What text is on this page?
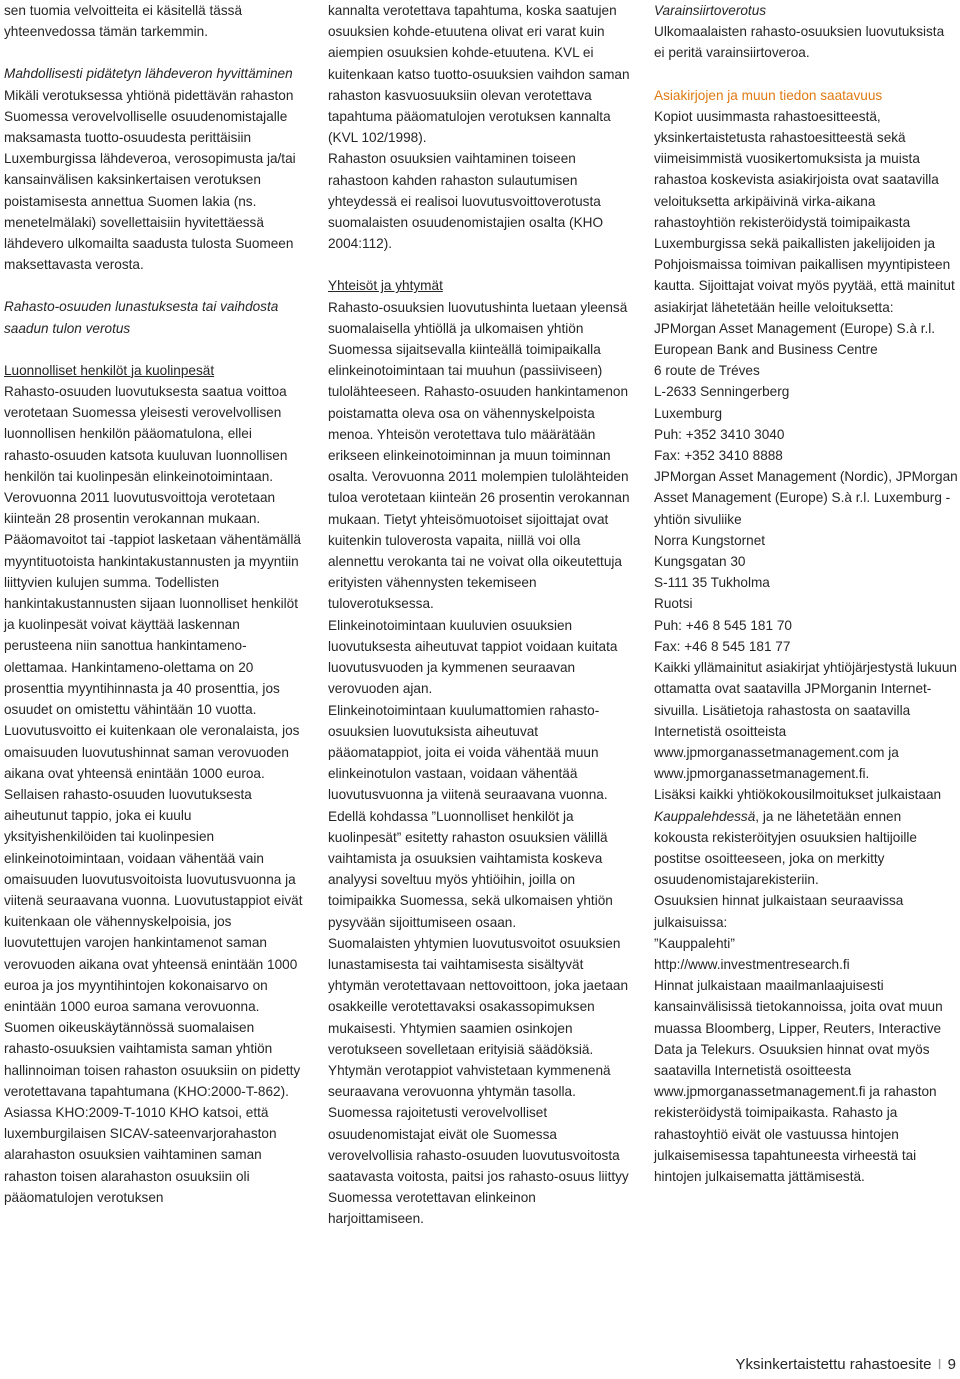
sen tuomia velvoitteita ei käsitellä tässä yhteenvedossa tämän tarkemmin.

Mahdollisesti pidätetyn lähdeveron hyvittäminen

Mikäli verotuksessa yhtiönä pidettävän rahaston Suomessa verovelvolliselle osuudenomistajalle maksamasta tuotto-osuudesta perittäisiin Luxemburgissa lähdeveroa, verosopimusta ja/tai kansainvälisen kaksinkertaisen verotuksen poistamisesta annettua Suomen lakia (ns. menetelmälaki) sovellettaisiin hyvitettäessä lähdevero ulkomailta saadusta tulosta Suomeen maksettavasta verosta.

Rahasto-osuuden lunastuksesta tai vaihdosta saadun tulon verotus

Luonnolliset henkilöt ja kuolinpesät

Rahasto-osuuden luovutuksesta saatua voittoa verotetaan Suomessa yleisesti verovelvollisen luonnollisen henkilön pääomatulona, ellei rahasto-osuuden katsota kuuluvan luonnollisen henkilön tai kuolinpesän elinkeinotoimintaan. Verovuonna 2011 luovutusvoittoja verotetaan kiinteän 28 prosentin verokannan mukaan.

Pääomavoitot tai -tappiot lasketaan vähentämällä myyntituotoista hankintakustannusten ja myyntiin liittyvien kulujen summa. Todellisten hankintakustannusten sijaan luonnolliset henkilöt ja kuolinpesät voivat käyttää laskennan perusteena niin sanottua hankintameno-olettamaa. Hankintameno-olettama on 20 prosenttia myyntihinnasta ja 40 prosenttia, jos osuudet on omistettu vähintään 10 vuotta.

Luovutusvoitto ei kuitenkaan ole veronalaista, jos omaisuuden luovutushinnat saman verovuoden aikana ovat yhteensä enintään 1000 euroa.

Sellaisen rahasto-osuuden luovutuksesta aiheutunut tappio, joka ei kuulu yksityishenkilöiden tai kuolinpesien elinkeinotoimintaan, voidaan vähentää vain omaisuuden luovutusvoitoista luovutusvuonna ja viitenä seuraavana vuonna. Luovutustappiot eivät kuitenkaan ole vähennyskelpoisia, jos luovutettujen varojen hankintamenot saman verovuoden aikana ovat yhteensä enintään 1000 euroa ja jos myyntihintojen kokonaisarvo on enintään 1000 euroa samana verovuonna.

Suomen oikeuskäytännössä suomalaisen rahasto-osuuksien vaihtamista saman yhtiön hallinnoiman toisen rahaston osuuksiin on pidetty verotettavana tapahtumana (KHO:2000-T-862). Asiassa KHO:2009-T-1010 KHO katsoi, että luxemburgilaisen SICAV-sateenvarjorahaston alarahaston osuuksien vaihtaminen saman rahaston toisen alarahaston osuuksiin oli pääomatulojen verotuksen

kannalta verotettava tapahtuma, koska saatujen osuuksien kohde-etuutena olivat eri varat kuin aiempien osuuksien kohde-etuutena. KVL ei kuitenkaan katso tuotto-osuuksien vaihdon saman rahaston kasvuosuuksiin olevan verotettava tapahtuma pääomatulojen verotuksen kannalta (KVL 102/1998).

Rahaston osuuksien vaihtaminen toiseen rahastoon kahden rahaston sulautumisen yhteydessä ei realisoi luovutusvoittoverotusta suomalaisten osuudenomistajien osalta (KHO 2004:112).

Yhteisöt ja yhtymät

Rahasto-osuuksien luovutushinta luetaan yleensä suomalaisella yhtiöllä ja ulkomaisen yhtiön Suomessa sijaitsevalla kiinteällä toimipaikalla elinkeinotoimintaan tai muuhun (passiiviseen) tulolähteeseen. Rahasto-osuuden hankintamenon poistamatta oleva osa on vähennyskelpoista menoa. Yhteisön verotettava tulo määrätään erikseen elinkeinotoiminnan ja muun toiminnan osalta. Verovuonna 2011 molempien tulolähteiden tuloa verotetaan kiinteän 26 prosentin verokannan mukaan. Tietyt yhteisömuotoiset sijoittajat ovat kuitenkin tuloverosta vapaita, niillä voi olla alennettu verokanta tai ne voivat olla oikeutettuja erityisten vähennysten tekemiseen tuloverotuksessa.

Elinkeinotoimintaan kuuluvien osuuksien luovutuksesta aiheutuvat tappiot voidaan kuitata luovutusvuoden ja kymmenen seuraavan verovuoden ajan.

Elinkeinotoimintaan kuulumattomien rahasto-osuuksien luovutuksista aiheutuvat pääomatappiot, joita ei voida vähentää muun elinkeinotulon vastaan, voidaan vähentää luovutusvuonna ja viitenä seuraavana vuonna.

Edellä kohdassa ”Luonnolliset henkilöt ja kuolinpesät” esitetty rahaston osuuksien välillä vaihtamista ja osuuksien vaihtamista koskeva analyysi soveltuu myös yhtiöihin, joilla on toimipaikka Suomessa, sekä ulkomaisen yhtiön pysyvään sijoittumiseen osaan.

Suomalaisten yhtymien luovutusvoitot osuuksien lunastamisesta tai vaihtamisesta sisältyvät yhtymän verotettavaan nettovoittoon, joka jaetaan osakkeille verotettavaksi osakassopimuksen mukaisesti. Yhtymien saamien osinkojen verotukseen sovelletaan erityisiä säädöksiä. Yhtymän verotappiot vahvistetaan kymmenenä seuraavana verovuonna yhtymän tasolla.

Suomessa rajoitetusti verovelvolliset osuudenomistajat eivät ole Suomessa verovelvollisia rahasto-osuuden luovutusvoitosta saatavasta voitosta, paitsi jos rahasto-osuus liittyy Suomessa verotettavan elinkeinon harjoittamiseen.

Varainsiirtoverotus

Ulkomaalaisten rahasto-osuuksien luovutuksista ei peritä varainsiirtoveroa.

Asiakirjojen ja muun tiedon saatavuus

Kopiot uusimmasta rahastoesitteestä, yksinkertaistetusta rahastoesitteestä sekä viimeisimmistä vuosikertomuksista ja muista rahastoa koskevista asiakirjoista ovat saatavilla veloituksetta arkipäivinä virka-aikana rahastoyhtiön rekisteröidystä toimipaikasta Luxemburgissa sekä paikallisten jakelijoiden ja Pohjoismaissa toimivan paikallisen myyntipisteen kautta. Sijoittajat voivat myös pyytää, että mainitut asiakirjat lähetetään heille veloituksetta:

JPMorgan Asset Management (Europe) S.à r.l.

European Bank and Business Centre

6 route de Tréves

L-2633 Senningerberg

Luxemburg

Puh: +352 3410 3040

Fax: +352 3410 8888

JPMorgan Asset Management (Nordic), JPMorgan Asset Management (Europe) S.à r.l. Luxemburg -yhtiön sivuliike

Norra Kungstornet

Kungsgatan 30

S-111 35 Tukholma

Ruotsi

Puh: +46 8 545 181 70

Fax: +46 8 545 181 77

Kaikki yllämainitut asiakirjat yhtiöjärjestystä lukuun ottamatta ovat saatavilla JPMorganin Internet-sivuilla. Lisätietoja rahastosta on saatavilla Internetistä osoitteista www.jpmorganassetmanagement.com ja www.jpmorganassetmanagement.fi.

Lisäksi kaikki yhtiökokousilmoitukset julkaistaan Kauppalehdessä, ja ne lähetetään ennen kokousta rekisteröityjen osuuksien haltijoille postitse osoitteeseen, joka on merkitty osuudenomistajarekisteriin.

Osuuksien hinnat julkaistaan seuraavissa julkaisuissa:

”Kauppalehti”

http://www.investmentresearch.fi

Hinnat julkaistaan maailmanlaajuisesti kansainvälisissä tietokannoissa, joita ovat muun muassa Bloomberg, Lipper, Reuters, Interactive Data ja Telekurs. Osuuksien hinnat ovat myös saatavilla Internetistä osoitteesta www.jpmorganassetmanagement.fi ja rahaston rekisteröidystä toimipaikasta. Rahasto ja rahastoyhtiö eivät ole vastuussa hintojen julkaisemisessa tapahtuneesta virheestä tai hintojen julkaisematta jättämisestä.

Yksinkertaistettu rahastoesite I 9
